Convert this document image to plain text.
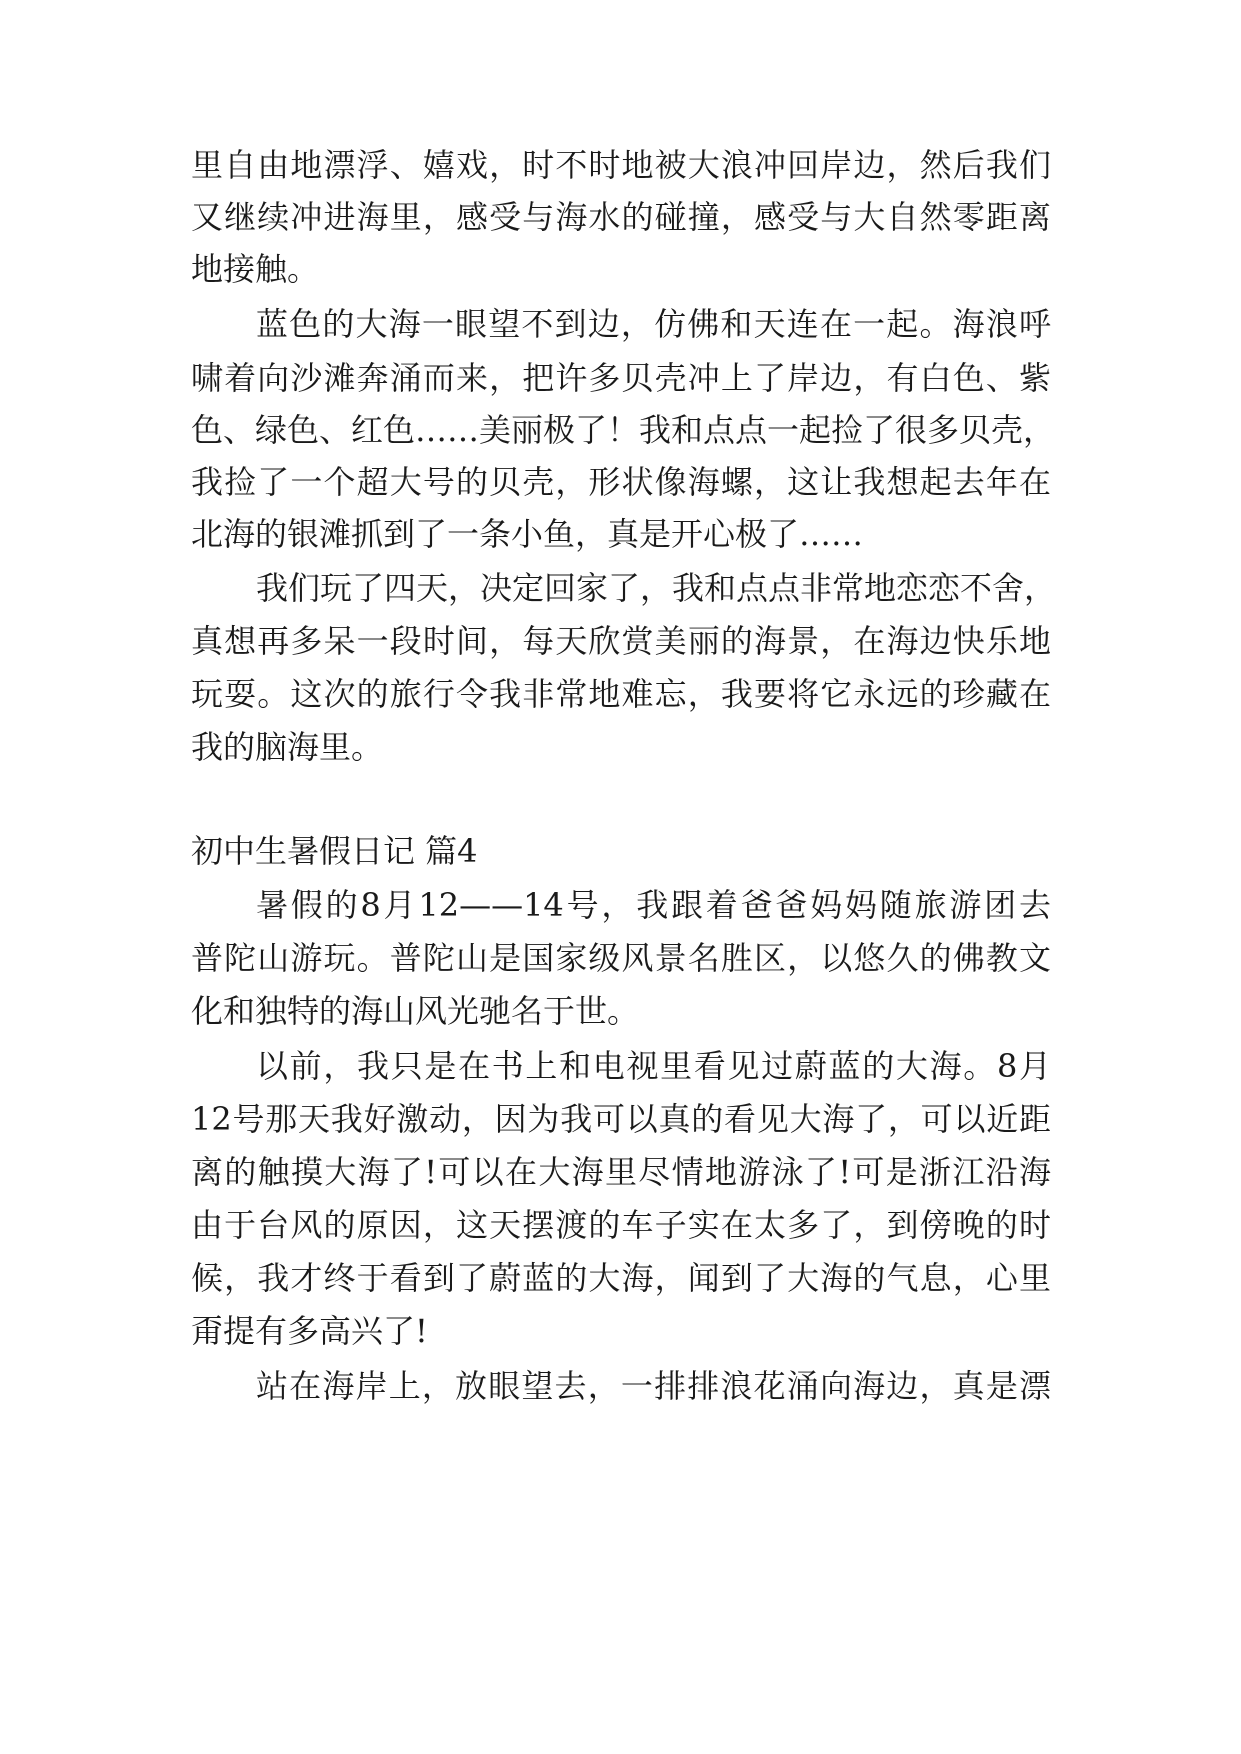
里自由地漂浮、嬉戏，时不时地被大浪冲回岸边，然后我们
又继续冲进海里，感受与海水的碰撞，感受与大自然零距离
地接触。
蓝色的大海一眼望不到边，仿佛和天连在一起。海浪呼
啸着向沙滩奔涌而来，把许多贝壳冲上了岸边，有白色、紫
色、绿色、红色……美丽极了！我和点点一起捡了很多贝壳，
我捡了一个超大号的贝壳，形状像海螺，这让我想起去年在
北海的银滩抓到了一条小鱼，真是开心极了……
我们玩了四天，决定回家了，我和点点非常地恋恋不舍，
真想再多呆一段时间，每天欣赏美丽的海景，在海边快乐地
玩耍。这次的旅行令我非常地难忘，我要将它永远的珍藏在
我的脑海里。
初中生暑假日记 篇4
暑假的8月12——14号，我跟着爸爸妈妈随旅游团去
普陀山游玩。普陀山是国家级风景名胜区，以悠久的佛教文
化和独特的海山风光驰名于世。
以前，我只是在书上和电视里看见过蔚蓝的大海。8月
12号那天我好激动，因为我可以真的看见大海了，可以近距
离的触摸大海了!可以在大海里尽情地游泳了!可是浙江沿海
由于台风的原因，这天摆渡的车子实在太多了，到傍晚的时
候，我才终于看到了蔚蓝的大海，闻到了大海的气息，心里
甭提有多高兴了!
站在海岸上，放眼望去，一排排浪花涌向海边，真是漂
